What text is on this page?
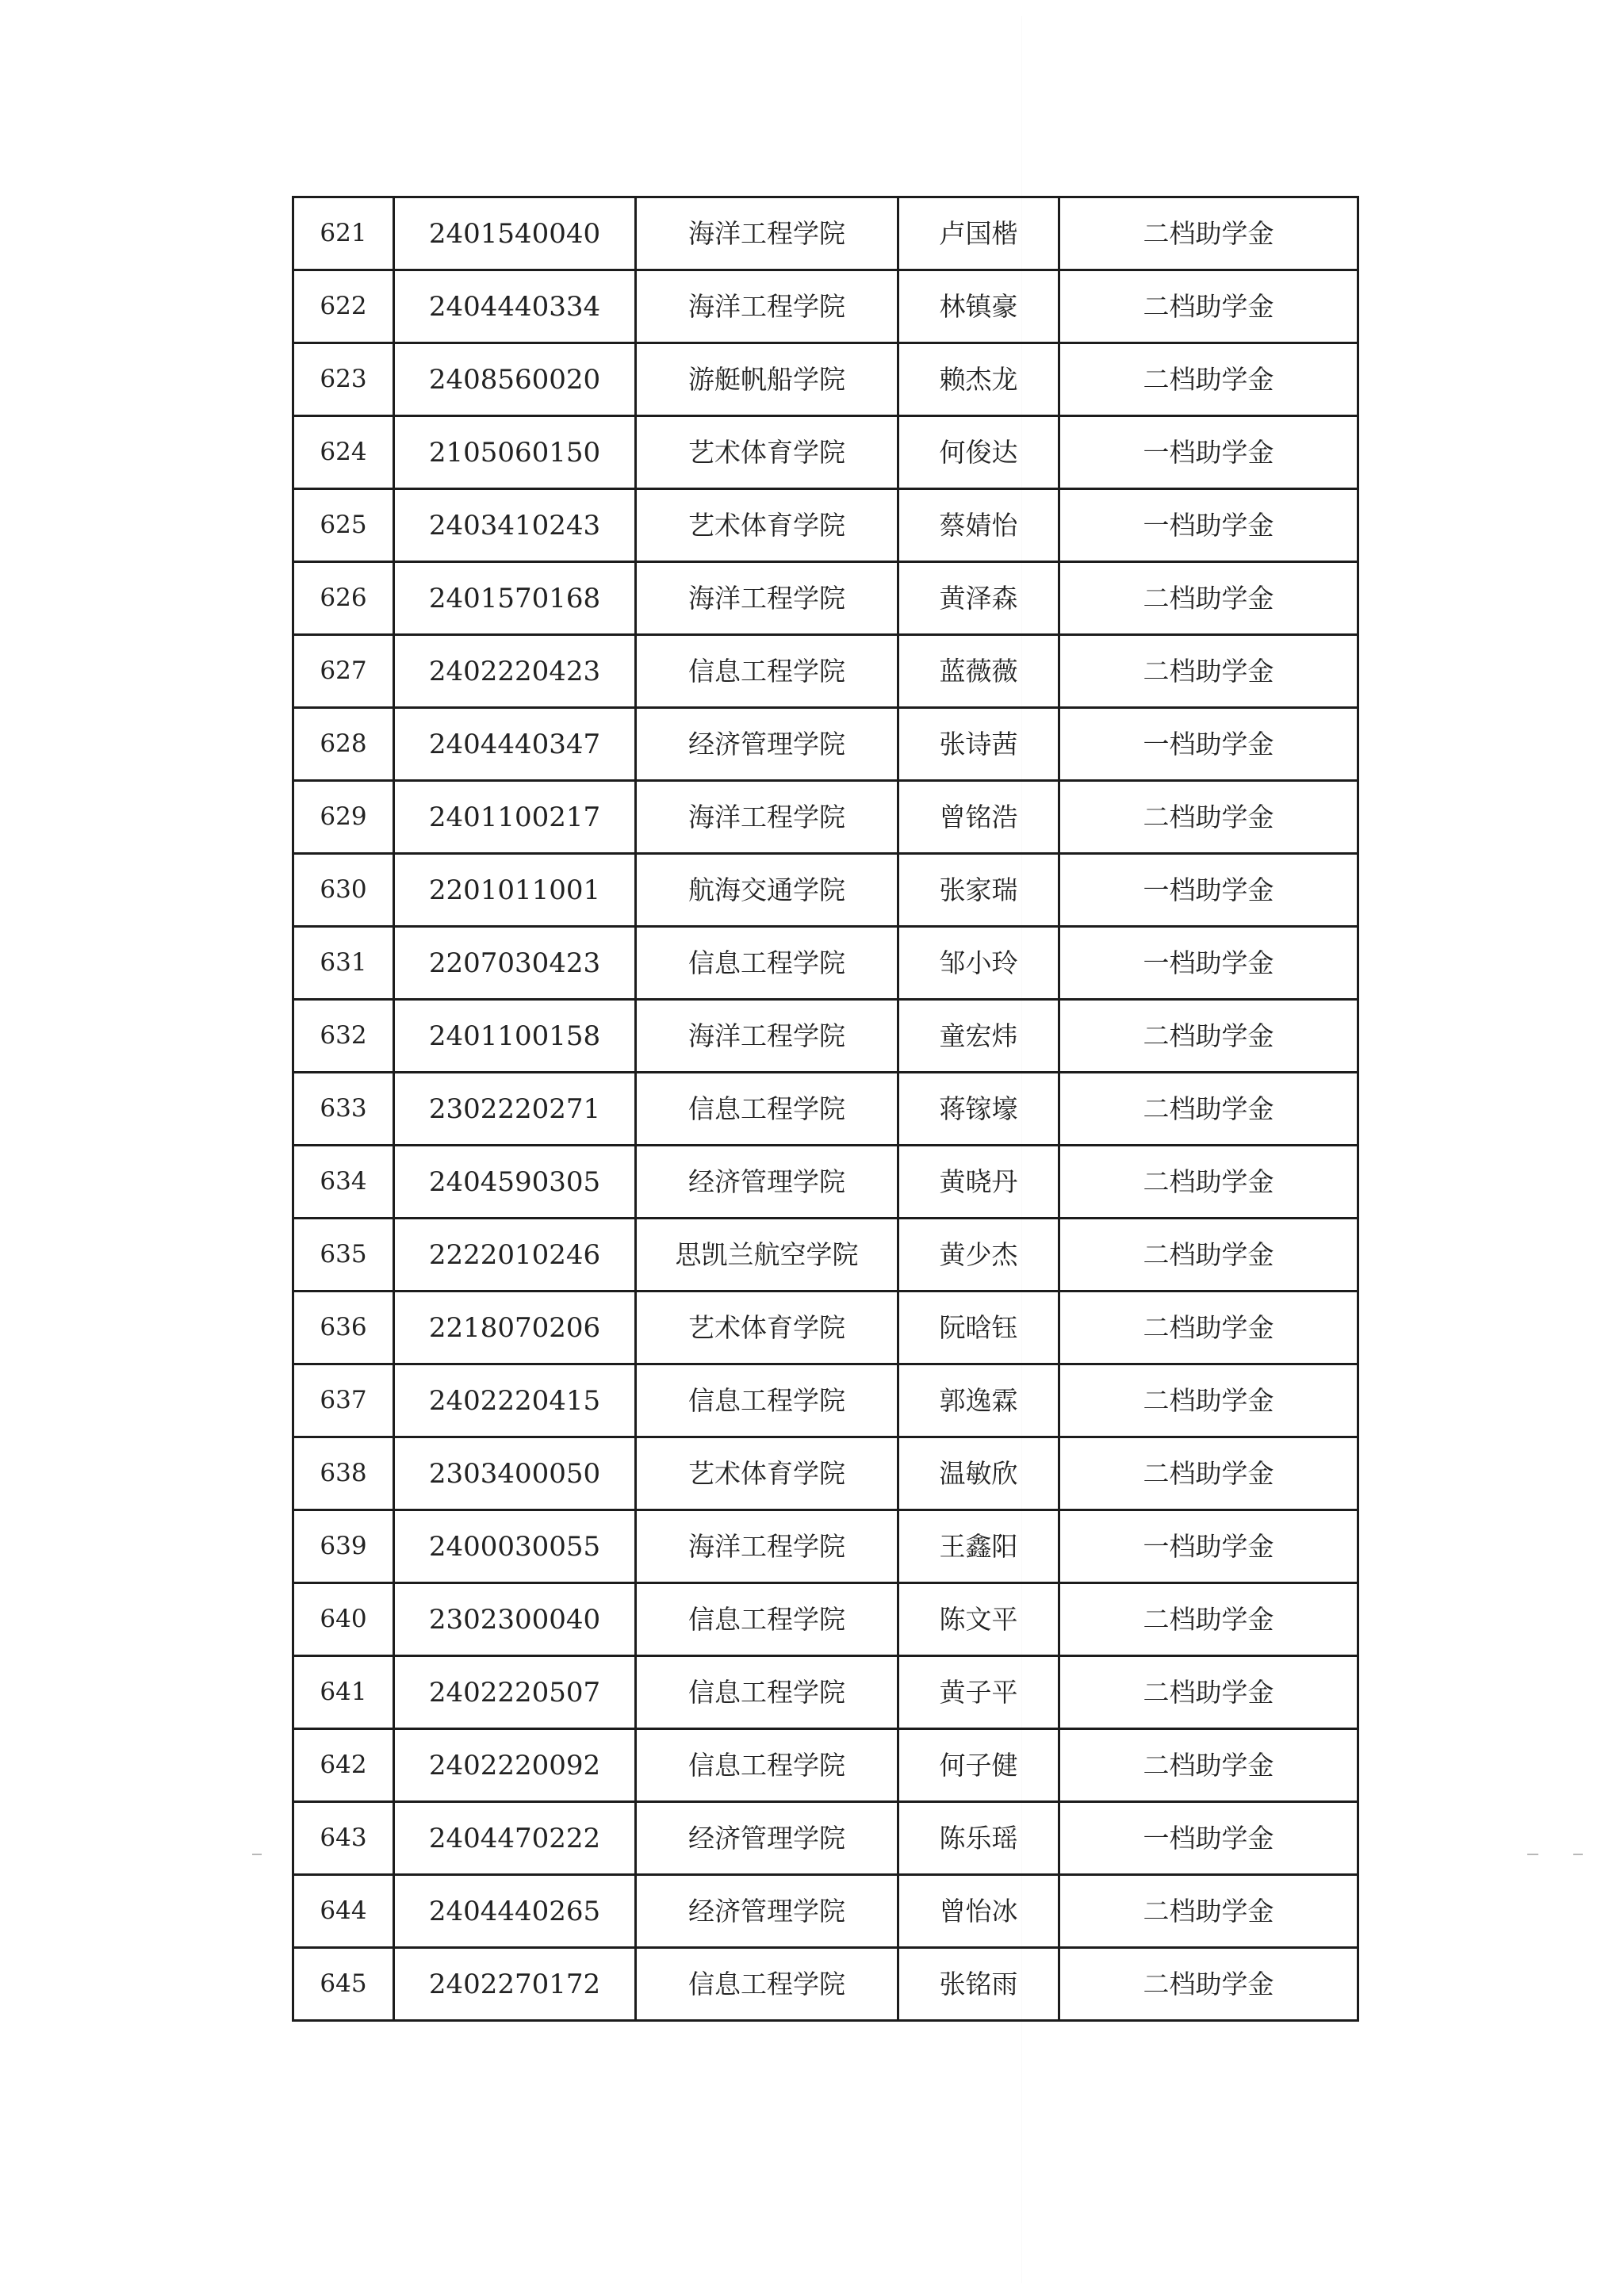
621	2401540040	海洋工程学院	卢国楷	二档助学金
622	2404440334	海洋工程学院	林镇豪	二档助学金
623	2408560020	游艇帆船学院	赖杰龙	二档助学金
624	2105060150	艺术体育学院	何俊达	一档助学金
625	2403410243	艺术体育学院	蔡婧怡	一档助学金
626	2401570168	海洋工程学院	黄泽森	二档助学金
627	2402220423	信息工程学院	蓝薇薇	二档助学金
628	2404440347	经济管理学院	张诗茜	一档助学金
629	2401100217	海洋工程学院	曾铭浩	二档助学金
630	2201011001	航海交通学院	张家瑞	一档助学金
631	2207030423	信息工程学院	邹小玲	一档助学金
632	2401100158	海洋工程学院	童宏炜	二档助学金
633	2302220271	信息工程学院	蒋镓壕	二档助学金
634	2404590305	经济管理学院	黄晓丹	二档助学金
635	2222010246	思凯兰航空学院	黄少杰	二档助学金
636	2218070206	艺术体育学院	阮晗钰	二档助学金
637	2402220415	信息工程学院	郭逸霖	二档助学金
638	2303400050	艺术体育学院	温敏欣	二档助学金
639	2400030055	海洋工程学院	王鑫阳	一档助学金
640	2302300040	信息工程学院	陈文平	二档助学金
641	2402220507	信息工程学院	黄子平	二档助学金
642	2402220092	信息工程学院	何子健	二档助学金
643	2404470222	经济管理学院	陈乐瑶	一档助学金
644	2404440265	经济管理学院	曾怡冰	二档助学金
645	2402270172	信息工程学院	张铭雨	二档助学金
